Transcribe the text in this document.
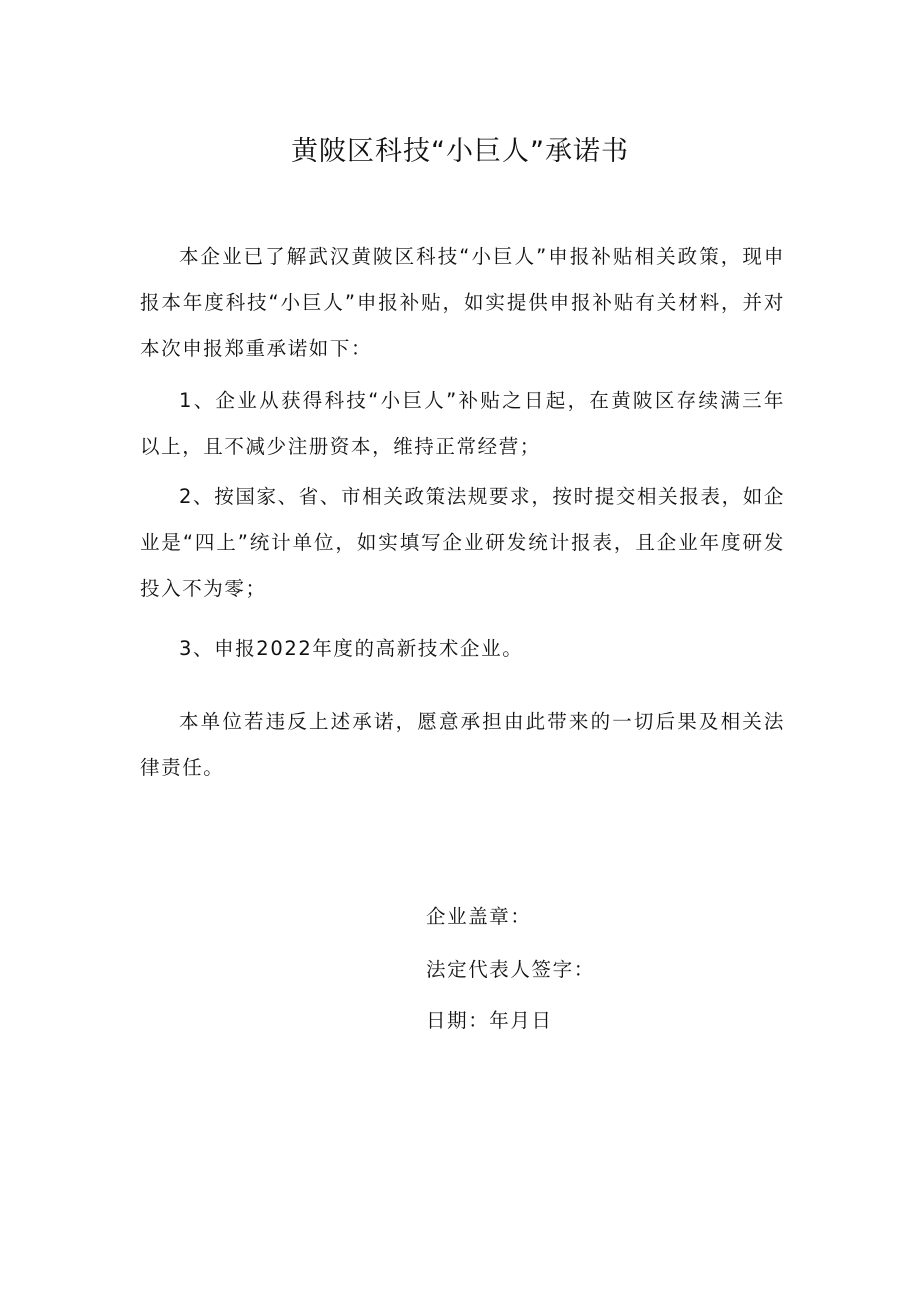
黄陂区科技“小巨人”承诺书

本企业已了解武汉黄陂区科技“小巨人”申报补贴相关政策，现申报本年度科技“小巨人”申报补贴，如实提供申报补贴有关材料，并对本次申报郑重承诺如下：

1、企业从获得科技“小巨人”补贴之日起，在黄陂区存续满三年以上，且不减少注册资本，维持正常经营；

2、按国家、省、市相关政策法规要求，按时提交相关报表，如企业是“四上”统计单位，如实填写企业研发统计报表，且企业年度研发投入不为零；

3、申报2022年度的高新技术企业。

本单位若违反上述承诺，愿意承担由此带来的一切后果及相关法律责任。

企业盖章：
法定代表人签字：
日期：年月日
